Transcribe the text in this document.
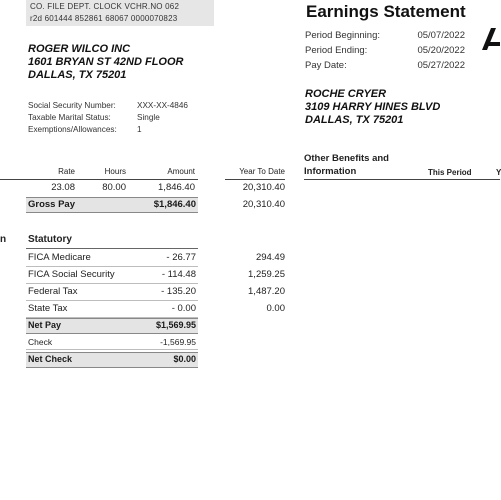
CO. FILE DEPT. CLOCK VCHR.NO 062
r2d 601444 852861 68067 0000070823	Earnings Statement
Period Beginning:	05/07/2022
Period Ending:	05/20/2022
Pay Date:	05/27/2022
ROGER WILCO INC
1601 BRYAN ST 42ND FLOOR
DALLAS, TX 75201
ROCHE CRYER
3109 HARRY HINES BLVD
DALLAS, TX 75201
Social Security Number:	XXX-XX-4846
Taxable Marital Status:	Single
Exemptions/Allowances: 1
Other Benefits and
Information	This Period	Y
Rate	Hours	Amount	Year To Date
23.08	80.00	1,846.40	20,310.40
Gross Pay	$1,846.40	20,310.40
n Statutory
FICA Medicare	- 26.77	294.49
FICA Social Security	- 114.48	1,259.25
Federal Tax	- 135.20	1,487.20
State Tax	- 0.00	0.00
Net Pay	$1,569.95
Check	-1,569.95
Net Check	$0.00
